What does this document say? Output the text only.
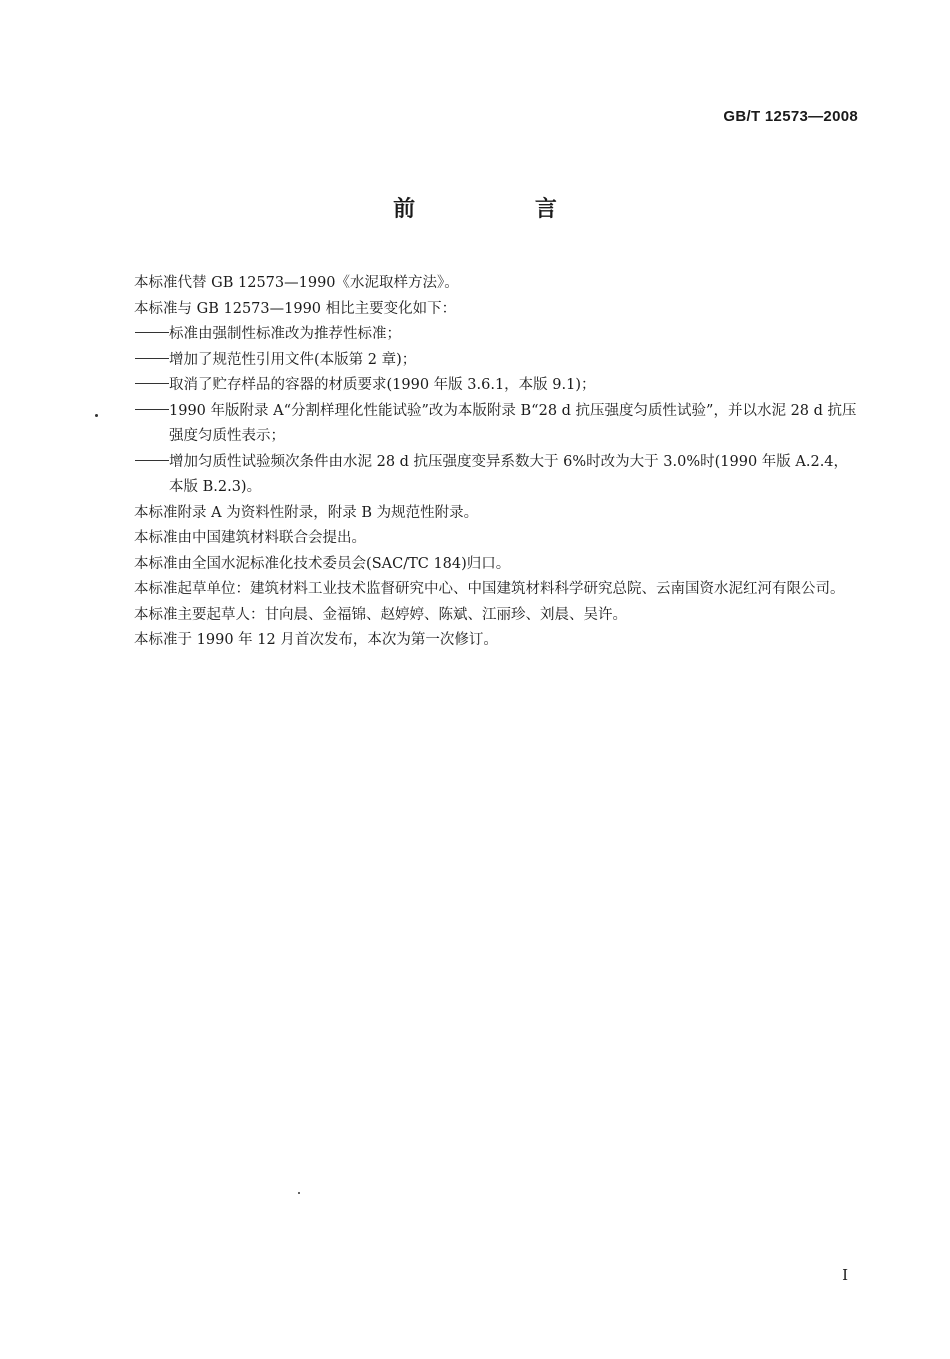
GB/T 12573—2008
前 言

本标准代替 GB 12573—1990《水泥取样方法》。

本标准与 GB 12573—1990 相比主要变化如下：

标准由强制性标准改为推荐性标准；

增加了规范性引用文件(本版第 2 章)；

取消了贮存样品的容器的材质要求(1990 年版 3.6.1，本版 9.1)；

1990 年版附录 A“分割样理化性能试验”改为本版附录 B“28 d 抗压强度匀质性试验”，并以水泥 28 d 抗压强度匀质性表示；

增加匀质性试验频次条件由水泥 28 d 抗压强度变异系数大于 6%时改为大于 3.0%时(1990 年版 A.2.4，本版 B.2.3)。

本标准附录 A 为资料性附录，附录 B 为规范性附录。

本标准由中国建筑材料联合会提出。

本标准由全国水泥标准化技术委员会(SAC/TC 184)归口。

本标准起草单位：建筑材料工业技术监督研究中心、中国建筑材料科学研究总院、云南国资水泥红河有限公司。

本标准主要起草人：甘向晨、金福锦、赵婷婷、陈斌、江丽珍、刘晨、吴许。

本标准于 1990 年 12 月首次发布，本次为第一次修订。

I
